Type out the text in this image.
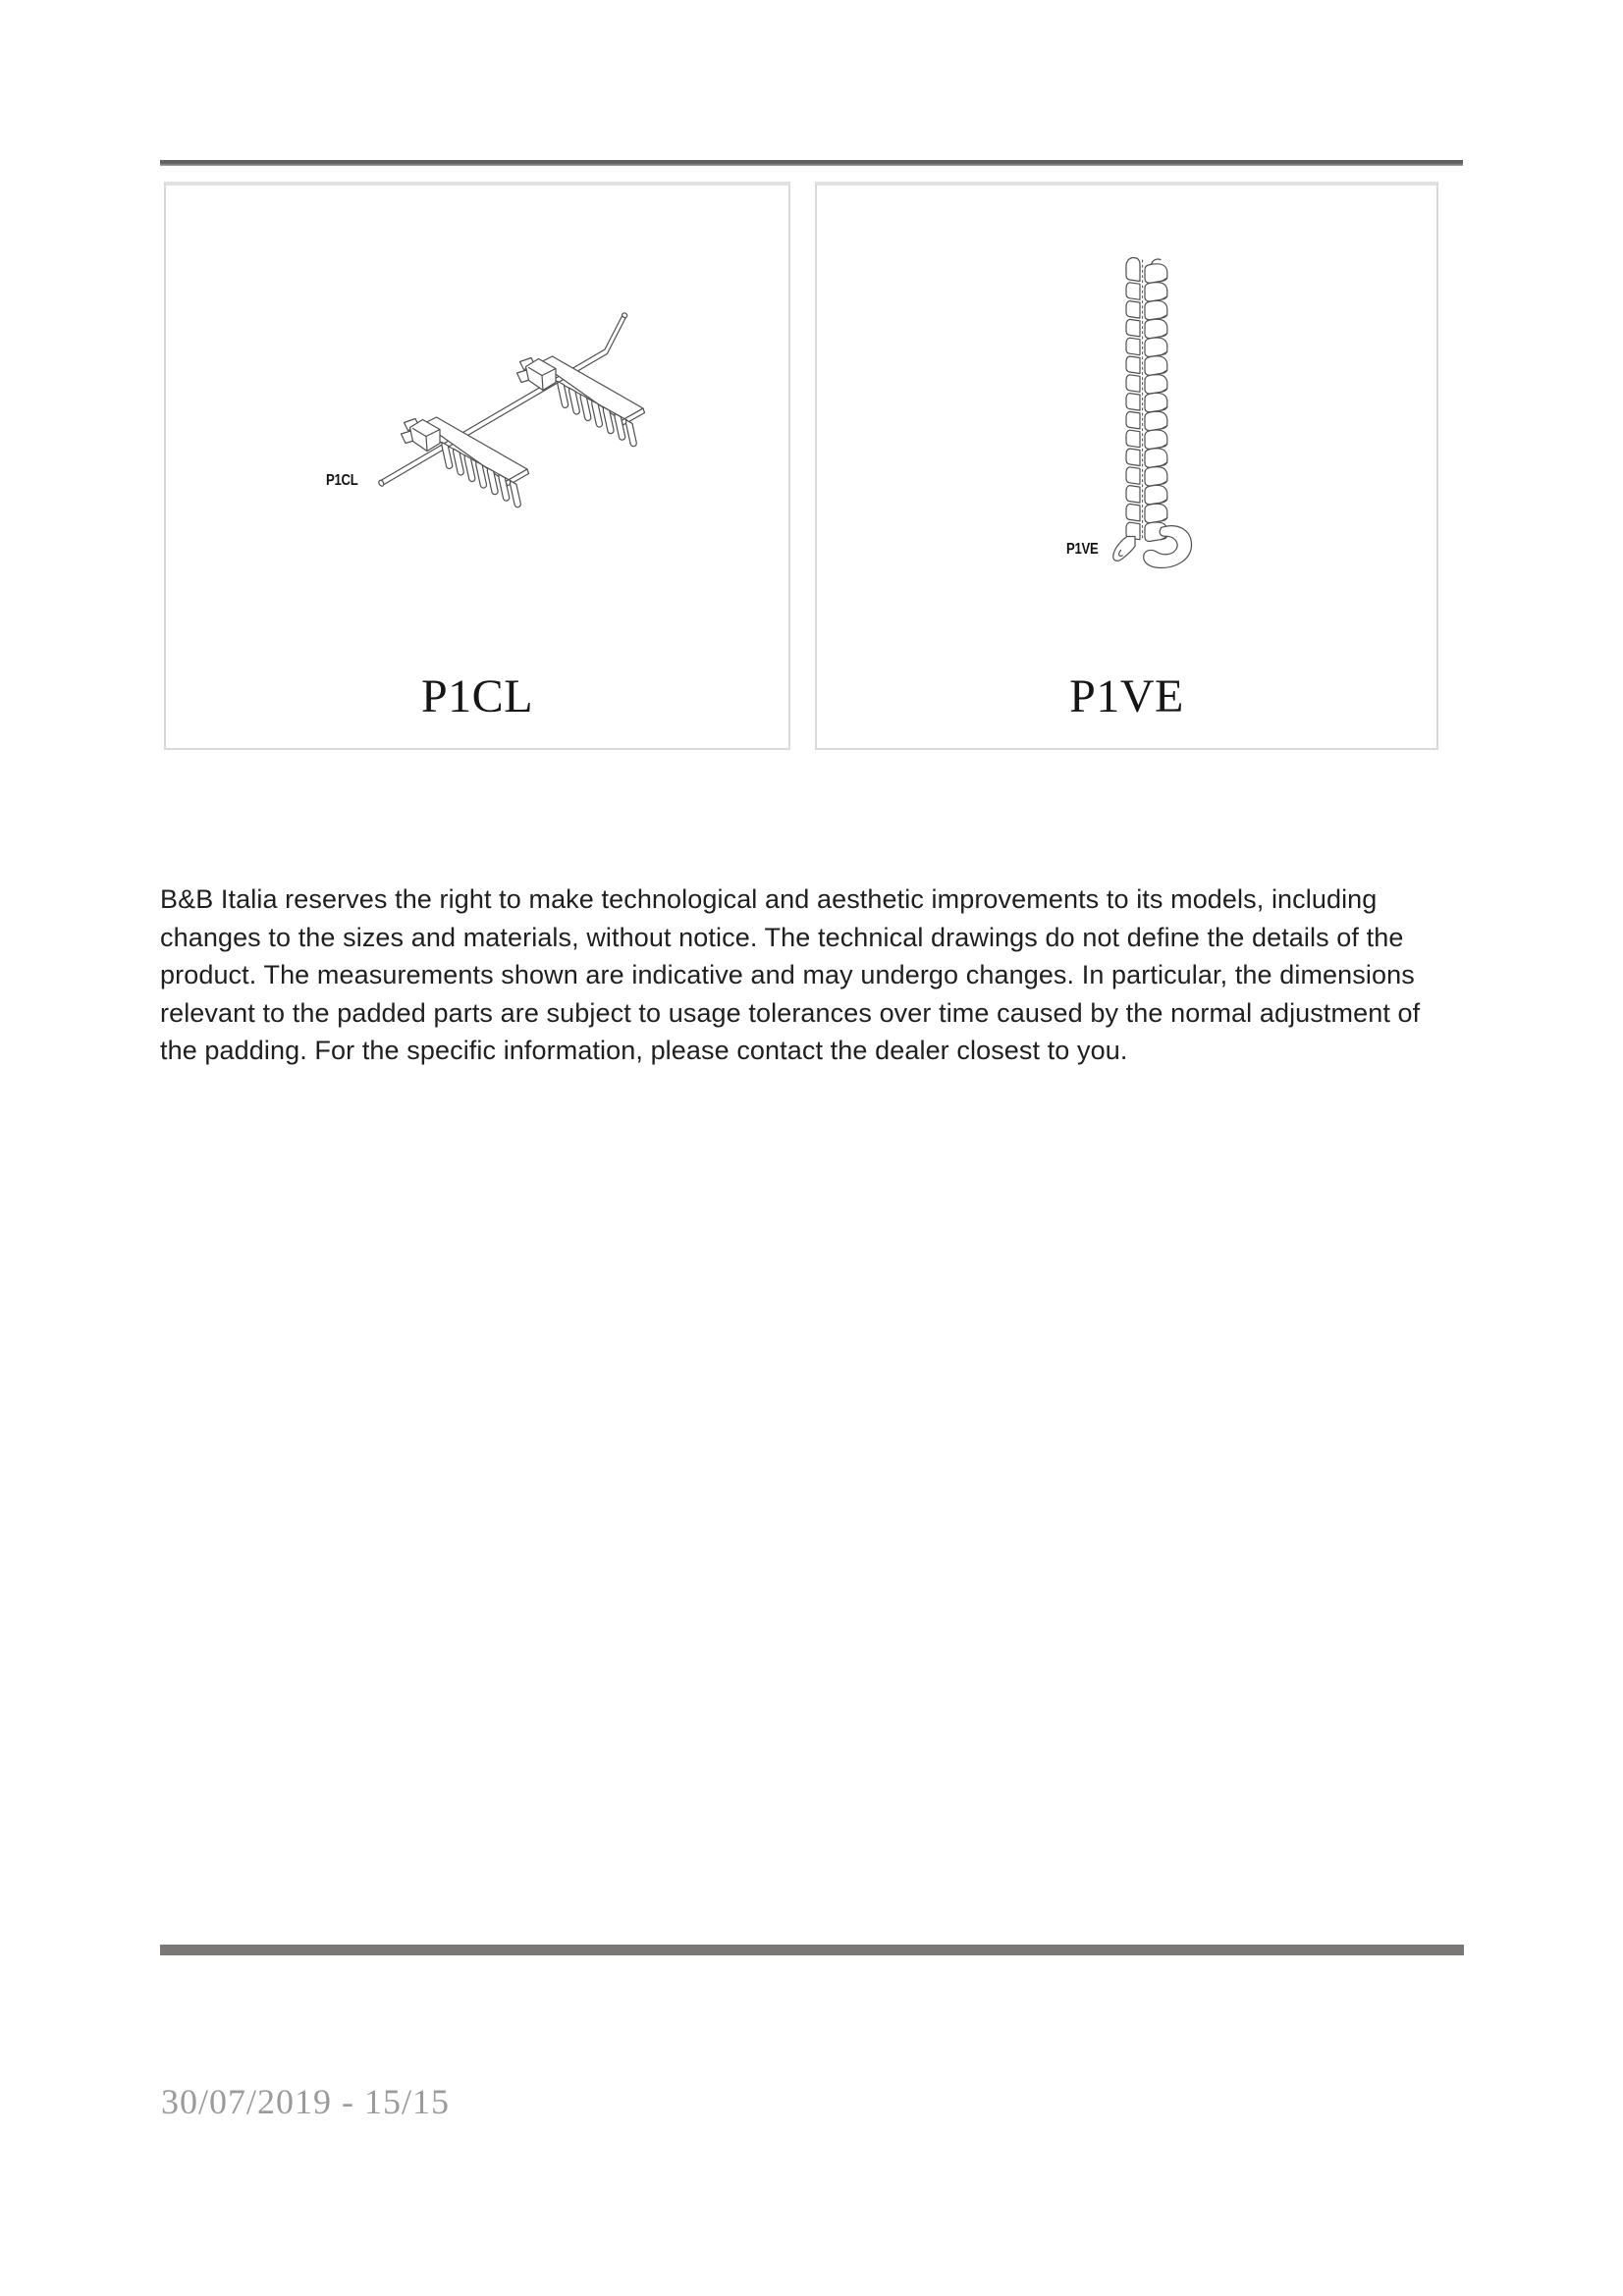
P1CL
P1CL
P1VE
P1VE
B&B Italia reserves the right to make technological and aesthetic improvements to its models, including
changes to the sizes and materials, without notice. The technical drawings do not define the details of the
product. The measurements shown are indicative and may undergo changes. In particular, the dimensions
relevant to the padded parts are subject to usage tolerances over time caused by the normal adjustment of
the padding. For the specific information, please contact the dealer closest to you.
30/07/2019 - 15/15
